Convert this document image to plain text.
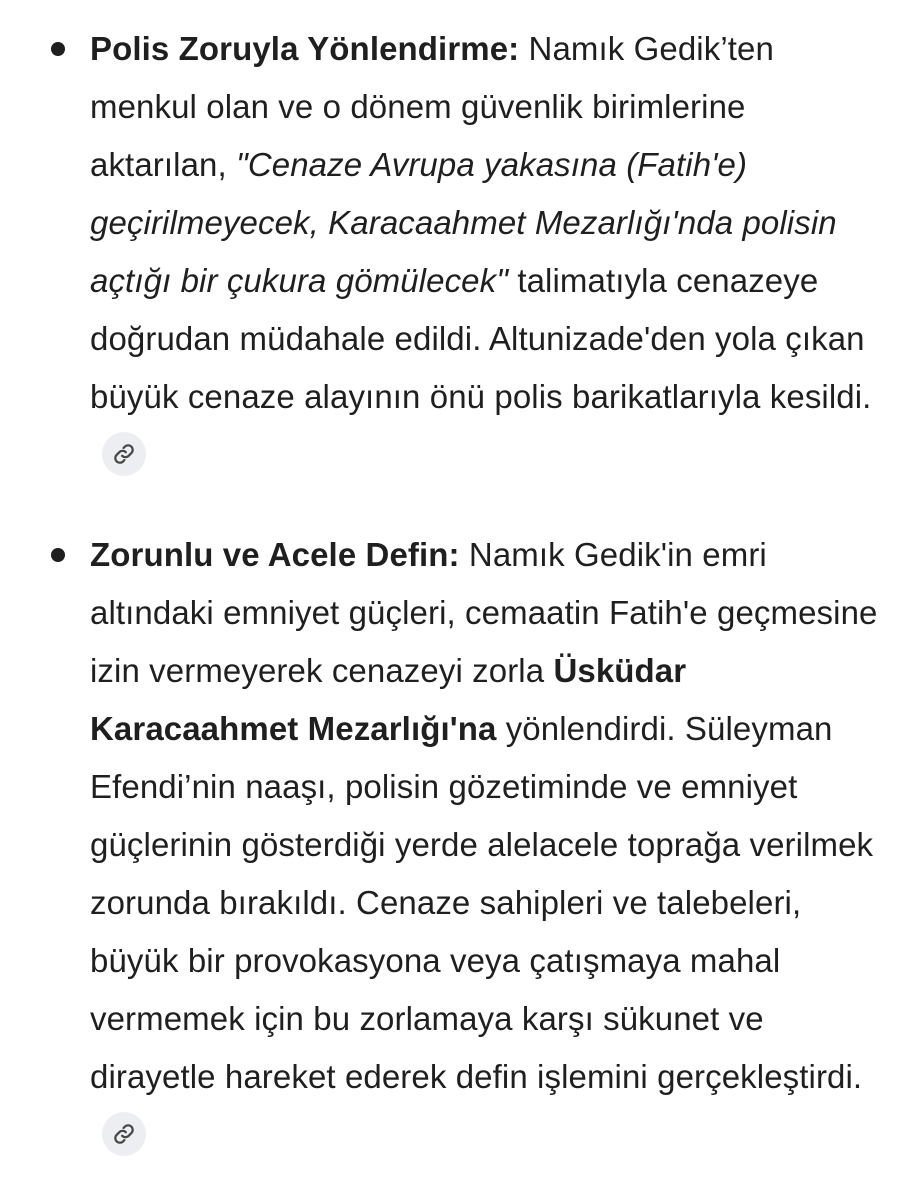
Polis Zoruyla Yönlendirme: Namık Gedik’ten menkul olan ve o dönem güvenlik birimlerine aktarılan, "Cenaze Avrupa yakasına (Fatih'e) geçirilmeyecek, Karacaahmet Mezarlığı'nda polisin açtığı bir çukura gömülecek" talimatıyla cenazeye doğrudan müdahale edildi. Altunizade'den yola çıkan büyük cenaze alayının önü polis barikatlarıyla kesildi.
Zorunlu ve Acele Defin: Namık Gedik'in emri altındaki emniyet güçleri, cemaatin Fatih'e geçmesine izin vermeyerek cenazeyi zorla Üsküdar Karacaahmet Mezarlığı'na yönlendirdi. Süleyman Efendi’nin naaşı, polisin gözetiminde ve emniyet güçlerinin gösterdiği yerde alelacele toprağa verilmek zorunda bırakıldı. Cenaze sahipleri ve talebeleri, büyük bir provokasyona veya çatışmaya mahal vermemek için bu zorlamaya karşı sükunet ve dirayetle hareket ederek defin işlemini gerçekleştirdi.
